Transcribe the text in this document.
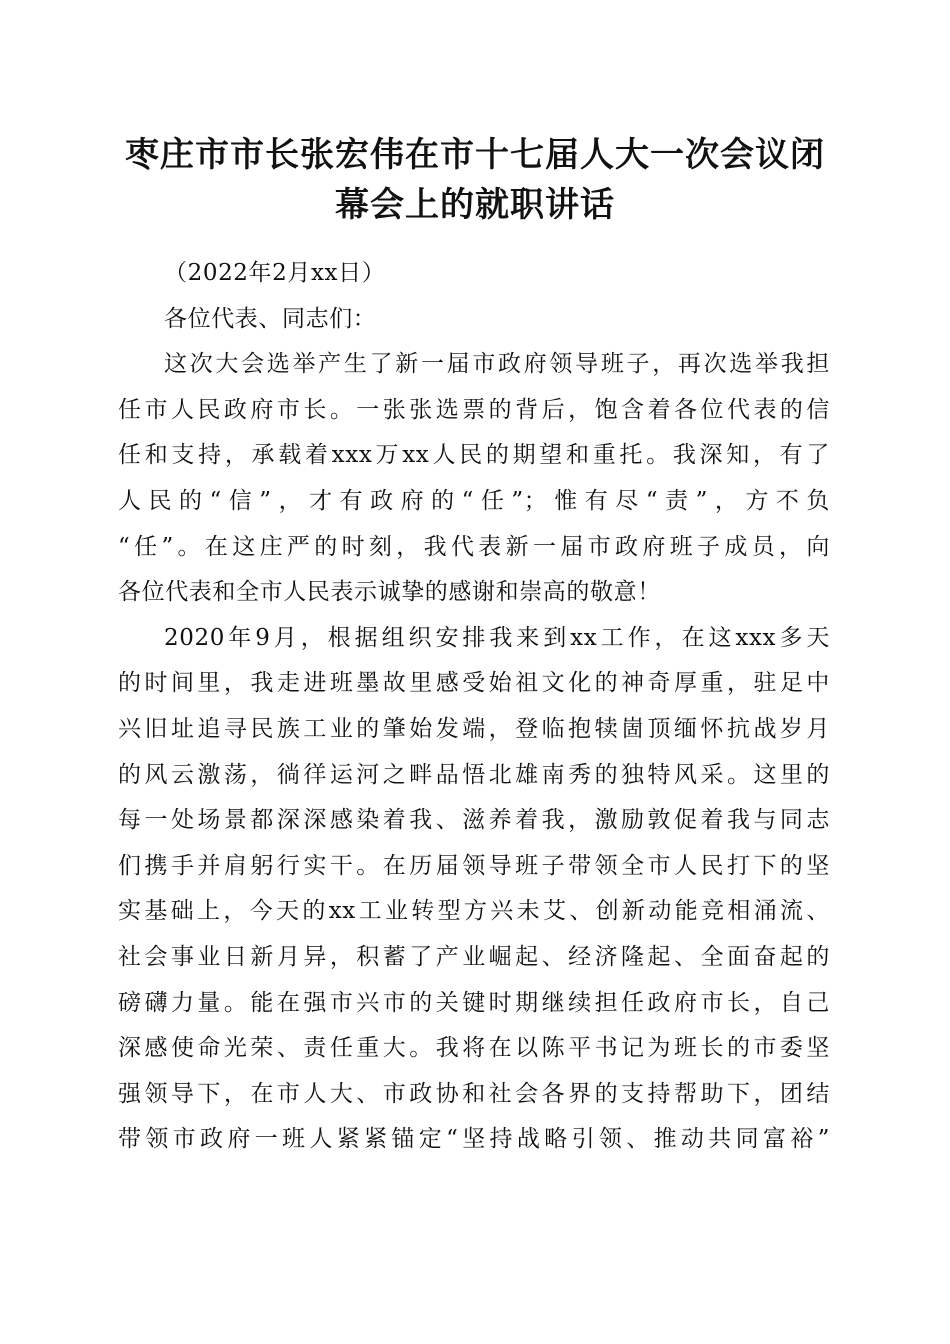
枣庄市市长张宏伟在市十七届人大一次会议闭
幕会上的就职讲话
（2022年2月xx日）
各位代表、同志们：
这次大会选举产生了新一届市政府领导班子，再次选举我担
任市人民政府市长。一张张选票的背后，饱含着各位代表的信
任和支持，承载着xxx万xx人民的期望和重托。我深知，有了
人民的“信”，才有政府的“任”；惟有尽“责”，方不负
“任”。在这庄严的时刻，我代表新一届市政府班子成员，向
各位代表和全市人民表示诚挚的感谢和崇高的敬意！
2020年9月，根据组织安排我来到xx工作，在这xxx多天
的时间里，我走进班墨故里感受始祖文化的神奇厚重，驻足中
兴旧址追寻民族工业的肇始发端，登临抱犊崮顶缅怀抗战岁月
的风云激荡，徜徉运河之畔品悟北雄南秀的独特风采。这里的
每一处场景都深深感染着我、滋养着我，激励敦促着我与同志
们携手并肩躬行实干。在历届领导班子带领全市人民打下的坚
实基础上，今天的xx工业转型方兴未艾、创新动能竞相涌流、
社会事业日新月异，积蓄了产业崛起、经济隆起、全面奋起的
磅礴力量。能在强市兴市的关键时期继续担任政府市长，自己
深感使命光荣、责任重大。我将在以陈平书记为班长的市委坚
强领导下，在市人大、市政协和社会各界的支持帮助下，团结
带领市政府一班人紧紧锚定“坚持战略引领、推动共同富裕”
